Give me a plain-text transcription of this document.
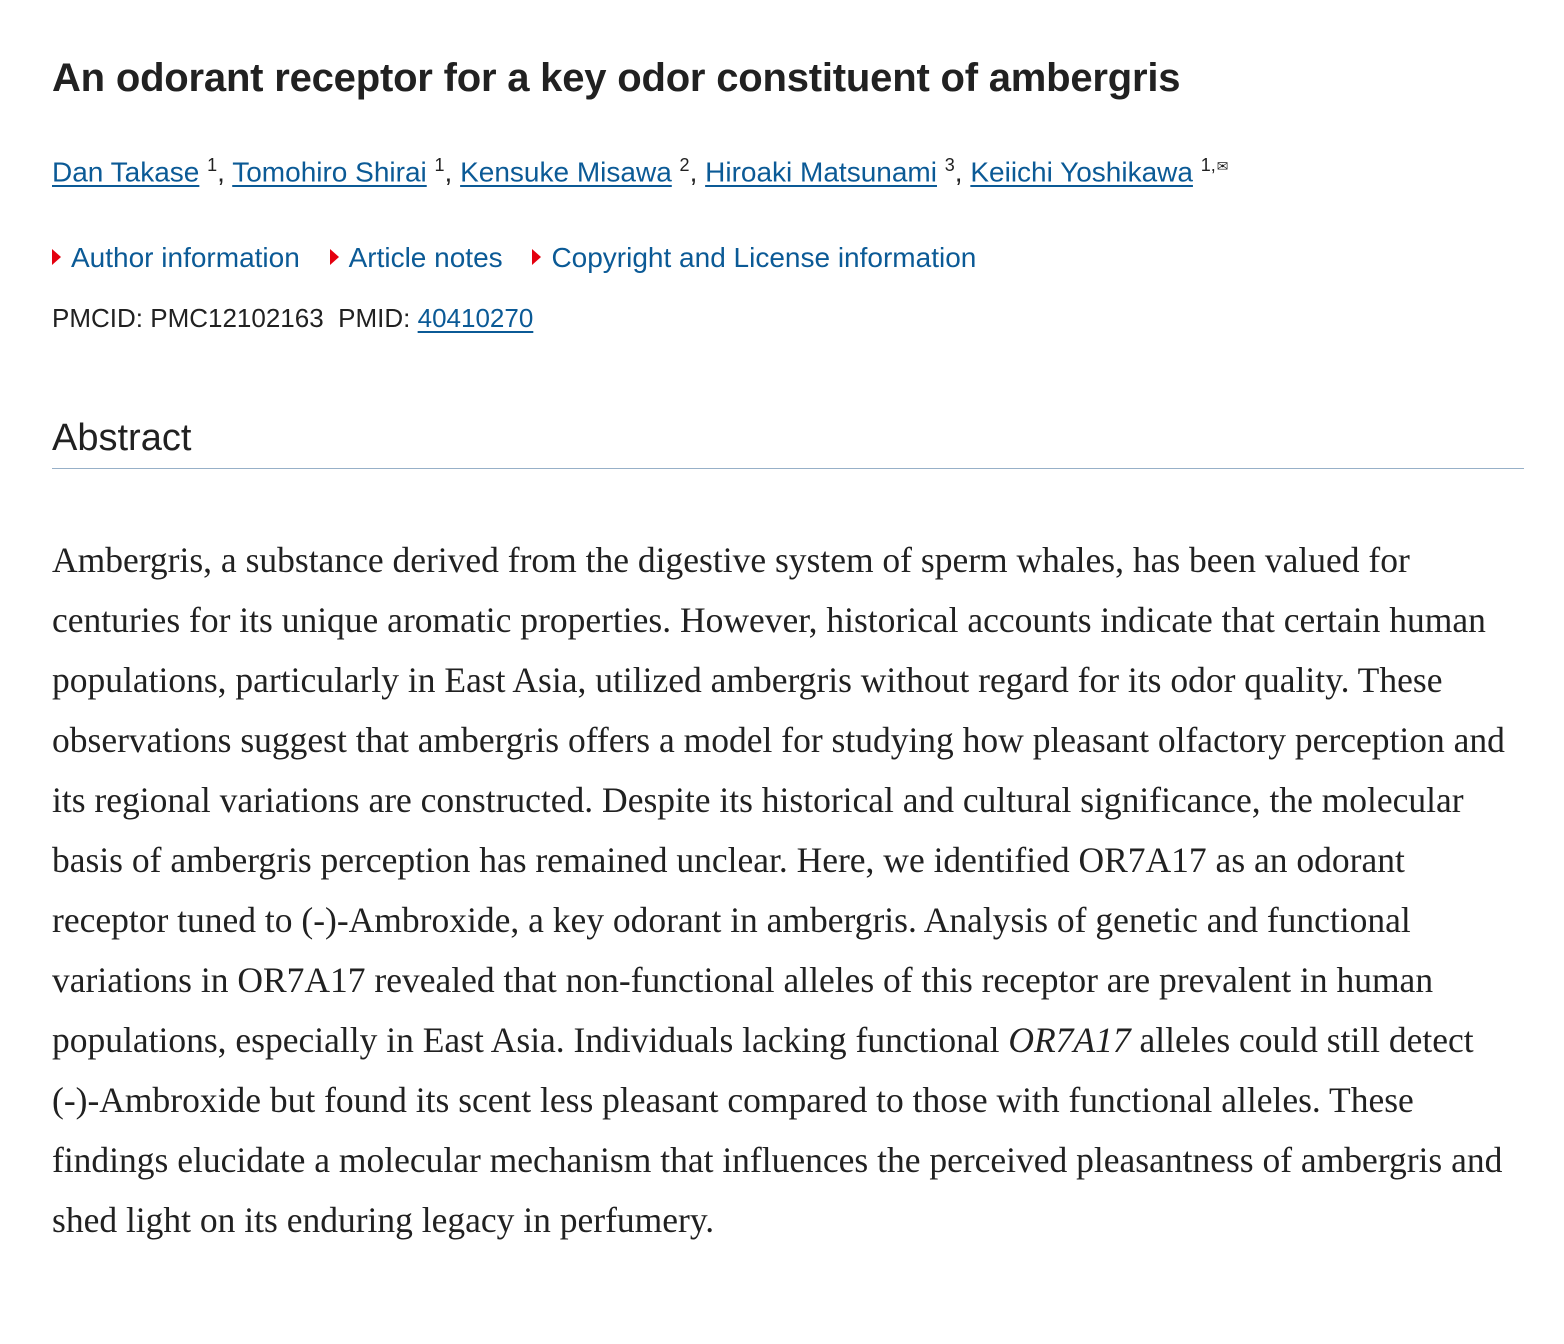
An odorant receptor for a key odor constituent of ambergris
Dan Takase $^1$, Tomohiro Shirai $^1$, Kensuke Misawa $^2$, Hiroaki Matsunami $^3$, Keiichi Yoshikawa $^{1,}$✉
Author information Article notes Copyright and License information
PMCID: PMC12102163 PMID: 40410270
Abstract

Ambergris, a substance derived from the digestive system of sperm whales, has been valued for centuries for its unique aromatic properties. However, historical accounts indicate that certain human populations, particularly in East Asia, utilized ambergris without regard for its odor quality. These observations suggest that ambergris offers a model for studying how pleasant olfactory perception and its regional variations are constructed. Despite its historical and cultural significance, the molecular basis of ambergris perception has remained unclear. Here, we identified OR7A17 as an odorant receptor tuned to (-)-Ambroxide, a key odorant in ambergris. Analysis of genetic and functional variations in OR7A17 revealed that non-functional alleles of this receptor are prevalent in human populations, especially in East Asia. Individuals lacking functional OR7A17 alleles could still detect (-)-Ambroxide but found its scent less pleasant compared to those with functional alleles. These findings elucidate a molecular mechanism that influences the perceived pleasantness of ambergris and shed light on its enduring legacy in perfumery.
